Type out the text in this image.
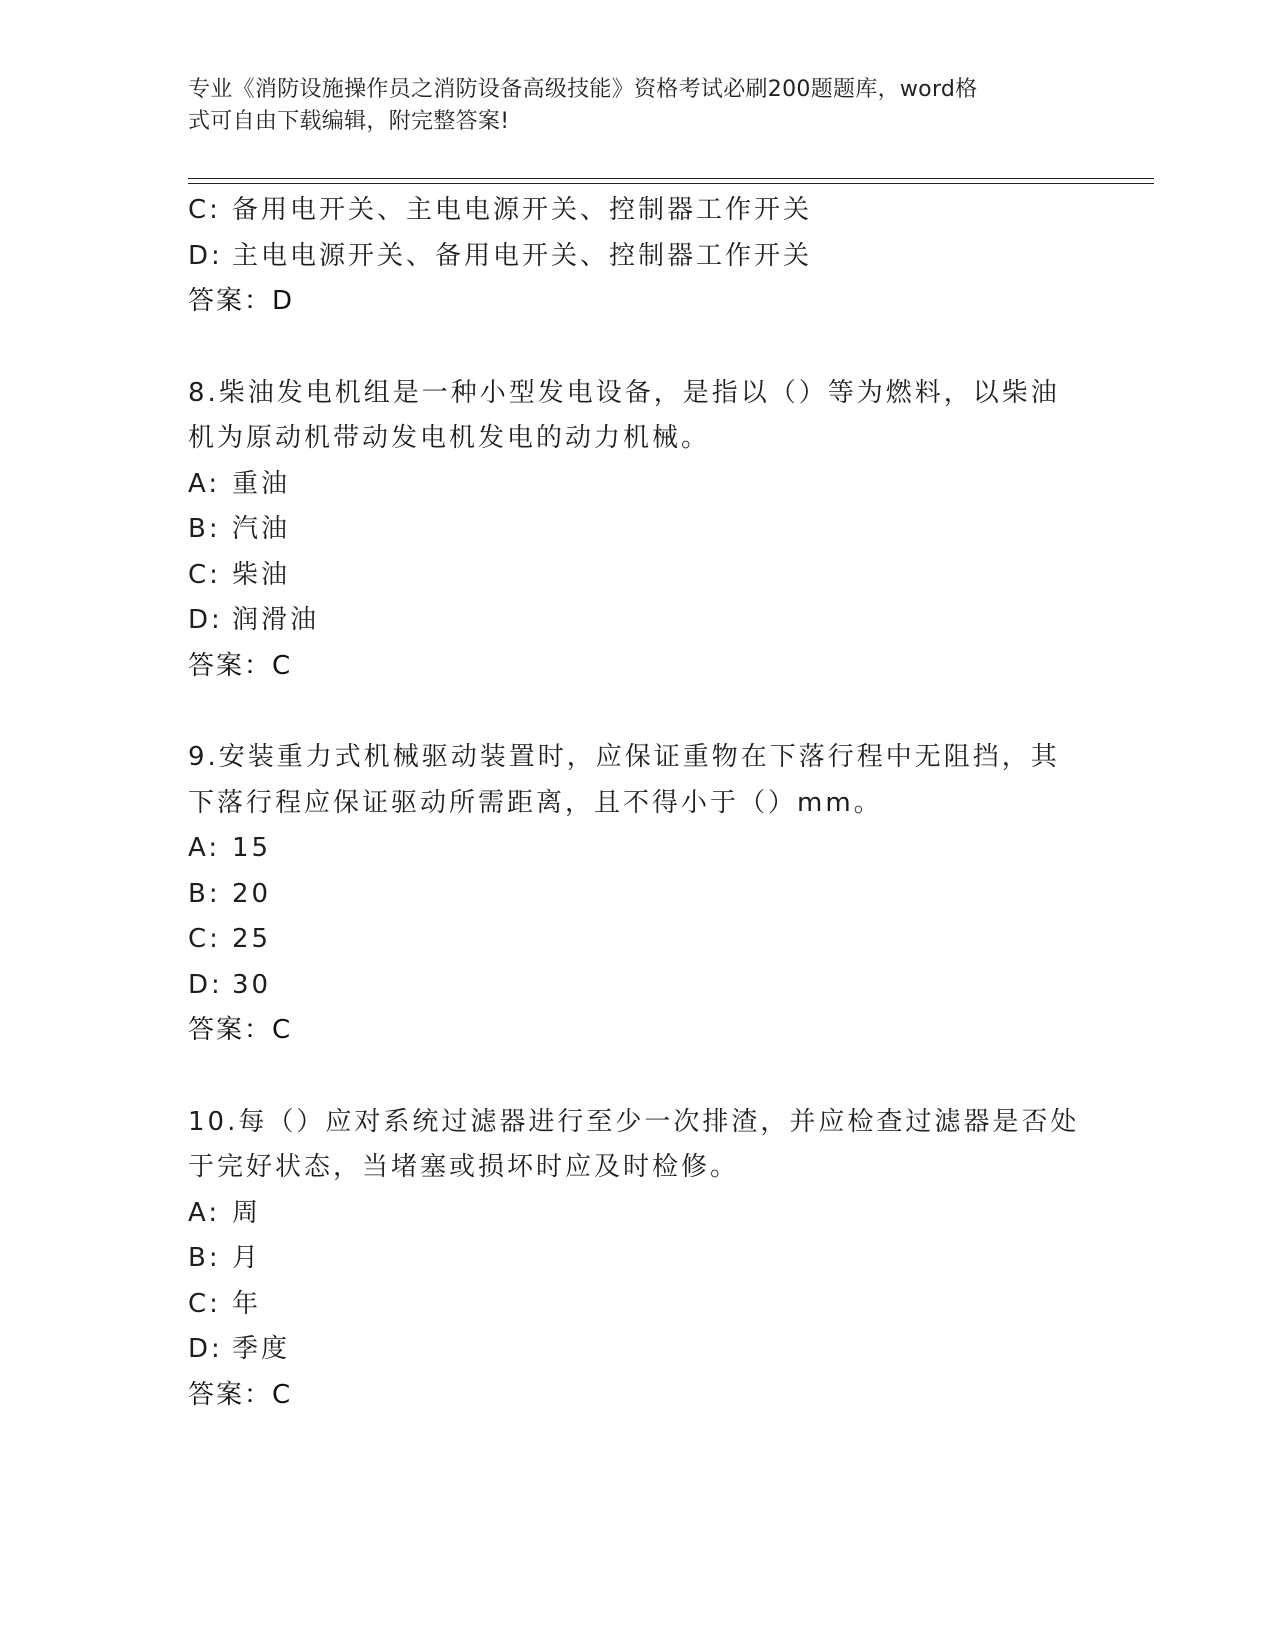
专业《消防设施操作员之消防设备高级技能》资格考试必刷200题题库，word格
式可自由下载编辑，附完整答案!
C: 备用电开关、主电电源开关、控制器工作开关
D: 主电电源开关、备用电开关、控制器工作开关
答案：D
8.柴油发电机组是一种小型发电设备，是指以（）等为燃料，以柴油
机为原动机带动发电机发电的动力机械。
A: 重油
B: 汽油
C: 柴油
D: 润滑油
答案：C
9.安装重力式机械驱动装置时，应保证重物在下落行程中无阻挡，其
下落行程应保证驱动所需距离，且不得小于（）mm。
A: 15
B: 20
C: 25
D: 30
答案：C
10.每（）应对系统过滤器进行至少一次排渣，并应检查过滤器是否处
于完好状态，当堵塞或损坏时应及时检修。
A: 周
B: 月
C: 年
D: 季度
答案：C
